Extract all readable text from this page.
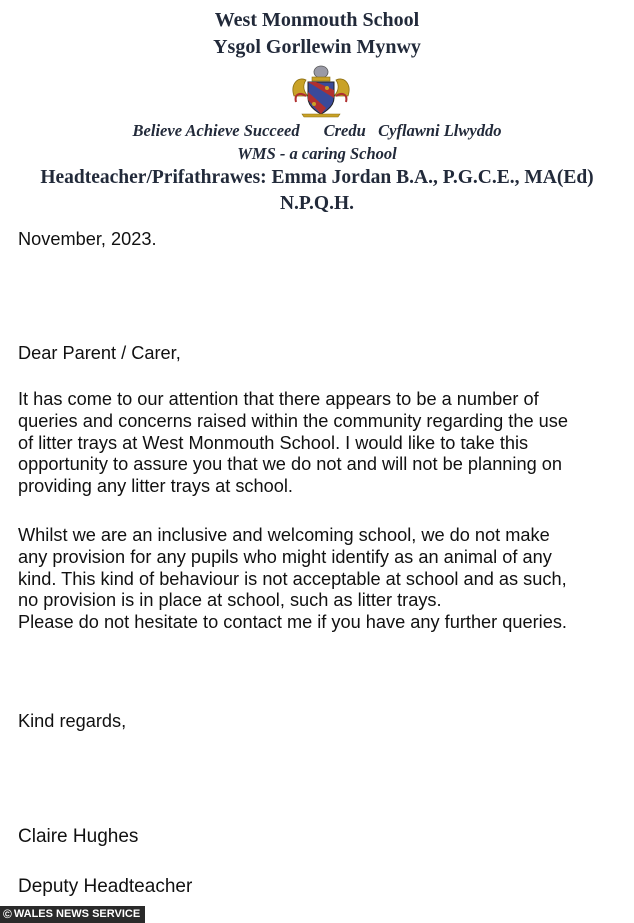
West Monmouth School
Ysgol Gorllewin Mynwy
Believe Achieve Succeed Credu   Cyflawni Llwyddo
WMS - a caring School
Headteacher/Prifathrawes: Emma Jordan B.A., P.G.C.E., MA(Ed)
N.P.Q.H.
November, 2023.
Dear Parent / Carer,
It has come to our attention that there appears to be a number of
queries and concerns raised within the community regarding the use
of litter trays at West Monmouth School. I would like to take this
opportunity to assure you that we do not and will not be planning on
providing any litter trays at school.
Whilst we are an inclusive and welcoming school, we do not make
any provision for any pupils who might identify as an animal of any
kind. This kind of behaviour is not acceptable at school and as such,
no provision is in place at school, such as litter trays.
Please do not hesitate to contact me if you have any further queries.
Kind regards,
Claire Hughes
Deputy Headteacher
© WALES NEWS SERVICE
